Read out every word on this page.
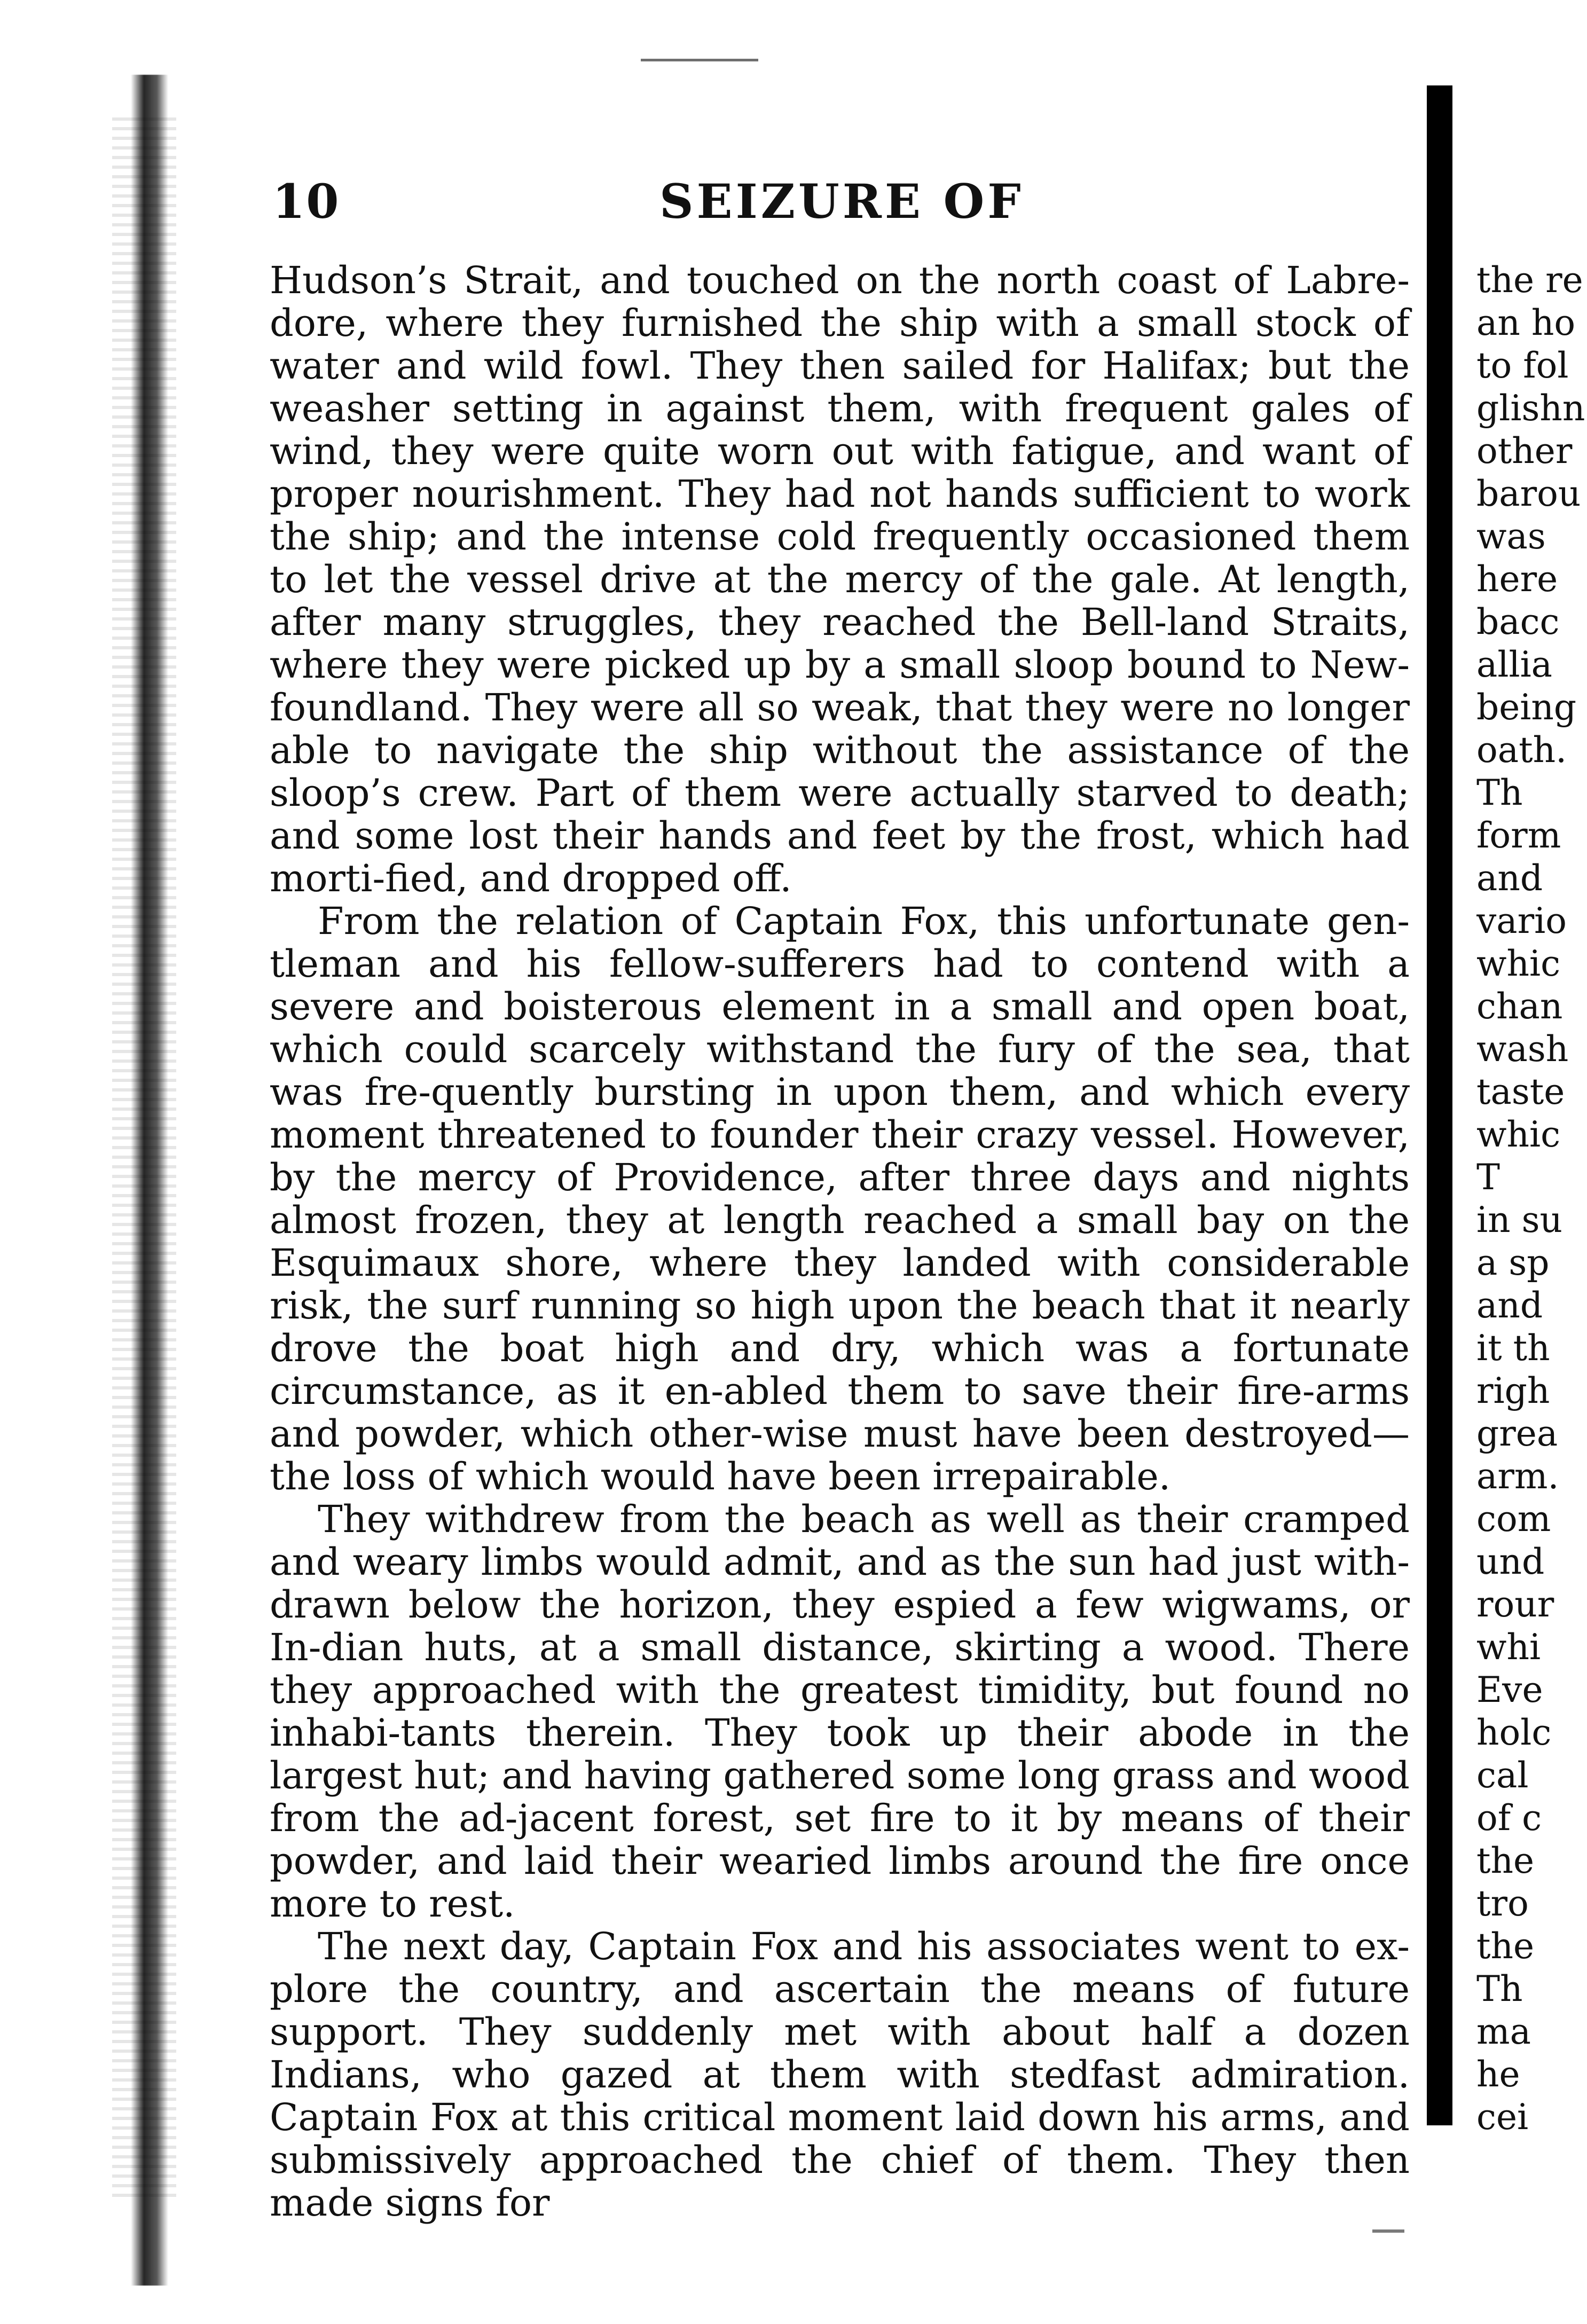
10	SEIZURE OF

Hudson’s Strait, and touched on the north coast of Labre-dore, where they furnished the ship with a small stock of water and wild fowl. They then sailed for Halifax; but the weasher setting in against them, with frequent gales of wind, they were quite worn out with fatigue, and want of proper nourishment. They had not hands sufficient to work the ship; and the intense cold frequently occasioned them to let the vessel drive at the mercy of the gale. At length, after many struggles, they reached the Bell-land Straits, where they were picked up by a small sloop bound to New-foundland. They were all so weak, that they were no longer able to navigate the ship without the assistance of the sloop’s crew. Part of them were actually starved to death; and some lost their hands and feet by the frost, which had morti-fied, and dropped off.

From the relation of Captain Fox, this unfortunate gen-tleman and his fellow-sufferers had to contend with a severe and boisterous element in a small and open boat, which could scarcely withstand the fury of the sea, that was fre-quently bursting in upon them, and which every moment threatened to founder their crazy vessel. However, by the mercy of Providence, after three days and nights almost frozen, they at length reached a small bay on the Esquimaux shore, where they landed with considerable risk, the surf running so high upon the beach that it nearly drove the boat high and dry, which was a fortunate circumstance, as it en-abled them to save their fire-arms and powder, which other-wise must have been destroyed—the loss of which would have been irrepairable.

They withdrew from the beach as well as their cramped and weary limbs would admit, and as the sun had just with-drawn below the horizon, they espied a few wigwams, or In-dian huts, at a small distance, skirting a wood. There they approached with the greatest timidity, but found no inhabi-tants therein. They took up their abode in the largest hut; and having gathered some long grass and wood from the ad-jacent forest, set fire to it by means of their powder, and laid their wearied limbs around the fire once more to rest.

The next day, Captain Fox and his associates went to ex-plore the country, and ascertain the means of future support. They suddenly met with about half a dozen Indians, who gazed at them with stedfast admiration. Captain Fox at this critical moment laid down his arms, and submissively approached the chief of them. They then made signs for

the re
an ho
to fol
glishn
other
barou
was
here
bacc
allia
being
oath.
Th
form
and
vario
whic
chan
wash
taste
whic
T
in su
a sp
and
it th
righ
grea
arm.
com
und
rour
whi
Eve
holc
cal
of c
the
tro
the
Th
ma
he
cei
